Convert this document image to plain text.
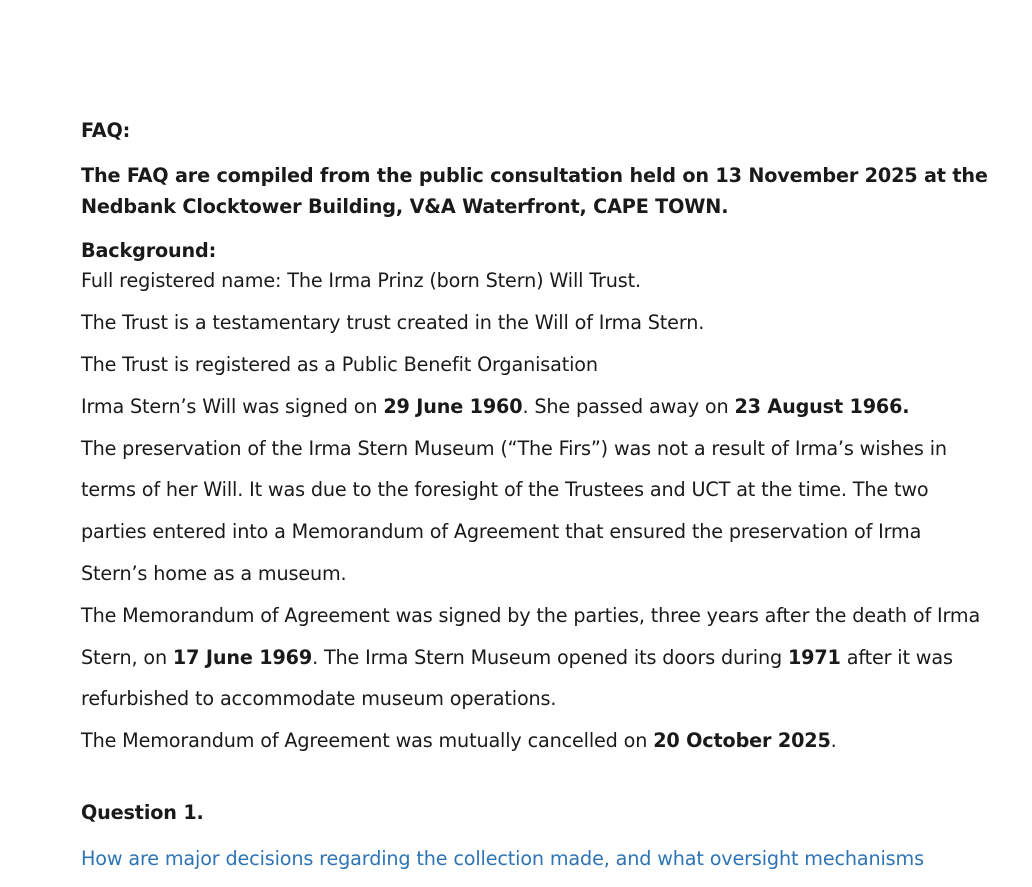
FAQ:
The FAQ are compiled from the public consultation held on 13 November 2025 at the
Nedbank Clocktower Building, V&A Waterfront, CAPE TOWN.
Background:
Full registered name: The Irma Prinz (born Stern) Will Trust.
The Trust is a testamentary trust created in the Will of Irma Stern.
The Trust is registered as a Public Benefit Organisation
Irma Stern’s Will was signed on 29 June 1960. She passed away on 23 August 1966.
The preservation of the Irma Stern Museum (“The Firs”) was not a result of Irma’s wishes in
terms of her Will. It was due to the foresight of the Trustees and UCT at the time. The two
parties entered into a Memorandum of Agreement that ensured the preservation of Irma
Stern’s home as a museum.
The Memorandum of Agreement was signed by the parties, three years after the death of Irma
Stern, on 17 June 1969. The Irma Stern Museum opened its doors during 1971 after it was
refurbished to accommodate museum operations.
The Memorandum of Agreement was mutually cancelled on 20 October 2025.
Question 1.
How are major decisions regarding the collection made, and what oversight mechanisms
